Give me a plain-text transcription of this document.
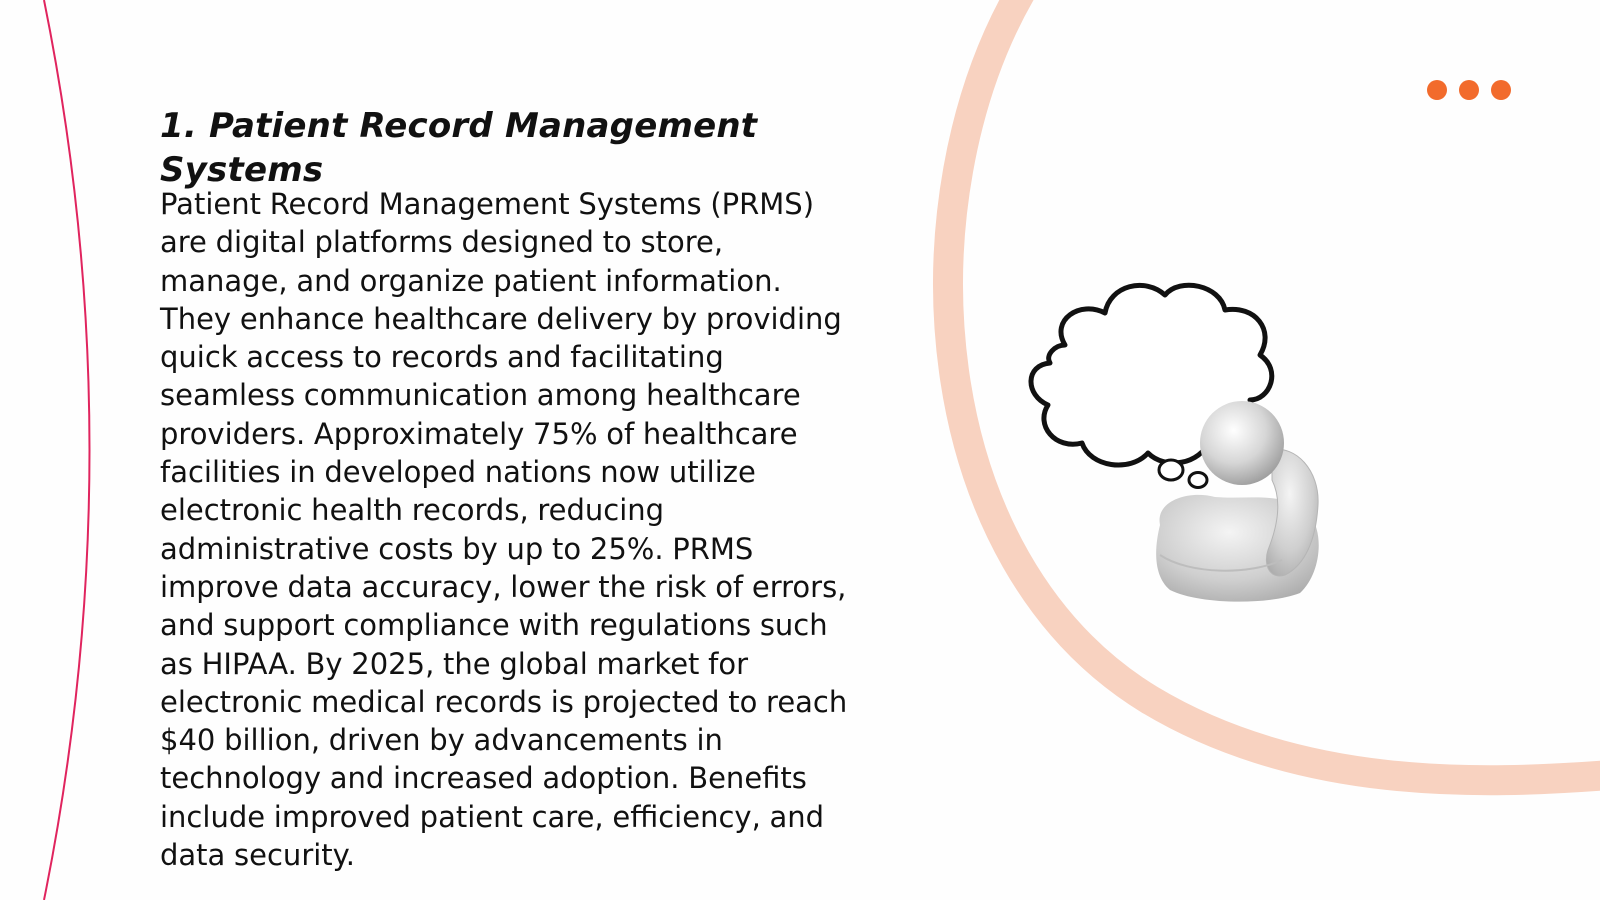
1. Patient Record Management Systems

Patient Record Management Systems (PRMS) are digital platforms designed to store, manage, and organize patient information. They enhance healthcare delivery by providing quick access to records and facilitating seamless communication among healthcare providers. Approximately 75% of healthcare facilities in developed nations now utilize electronic health records, reducing administrative costs by up to 25%. PRMS improve data accuracy, lower the risk of errors, and support compliance with regulations such as HIPAA. By 2025, the global market for electronic medical records is projected to reach $40 billion, driven by advancements in technology and increased adoption. Benefits include improved patient care, efficiency, and data security.
